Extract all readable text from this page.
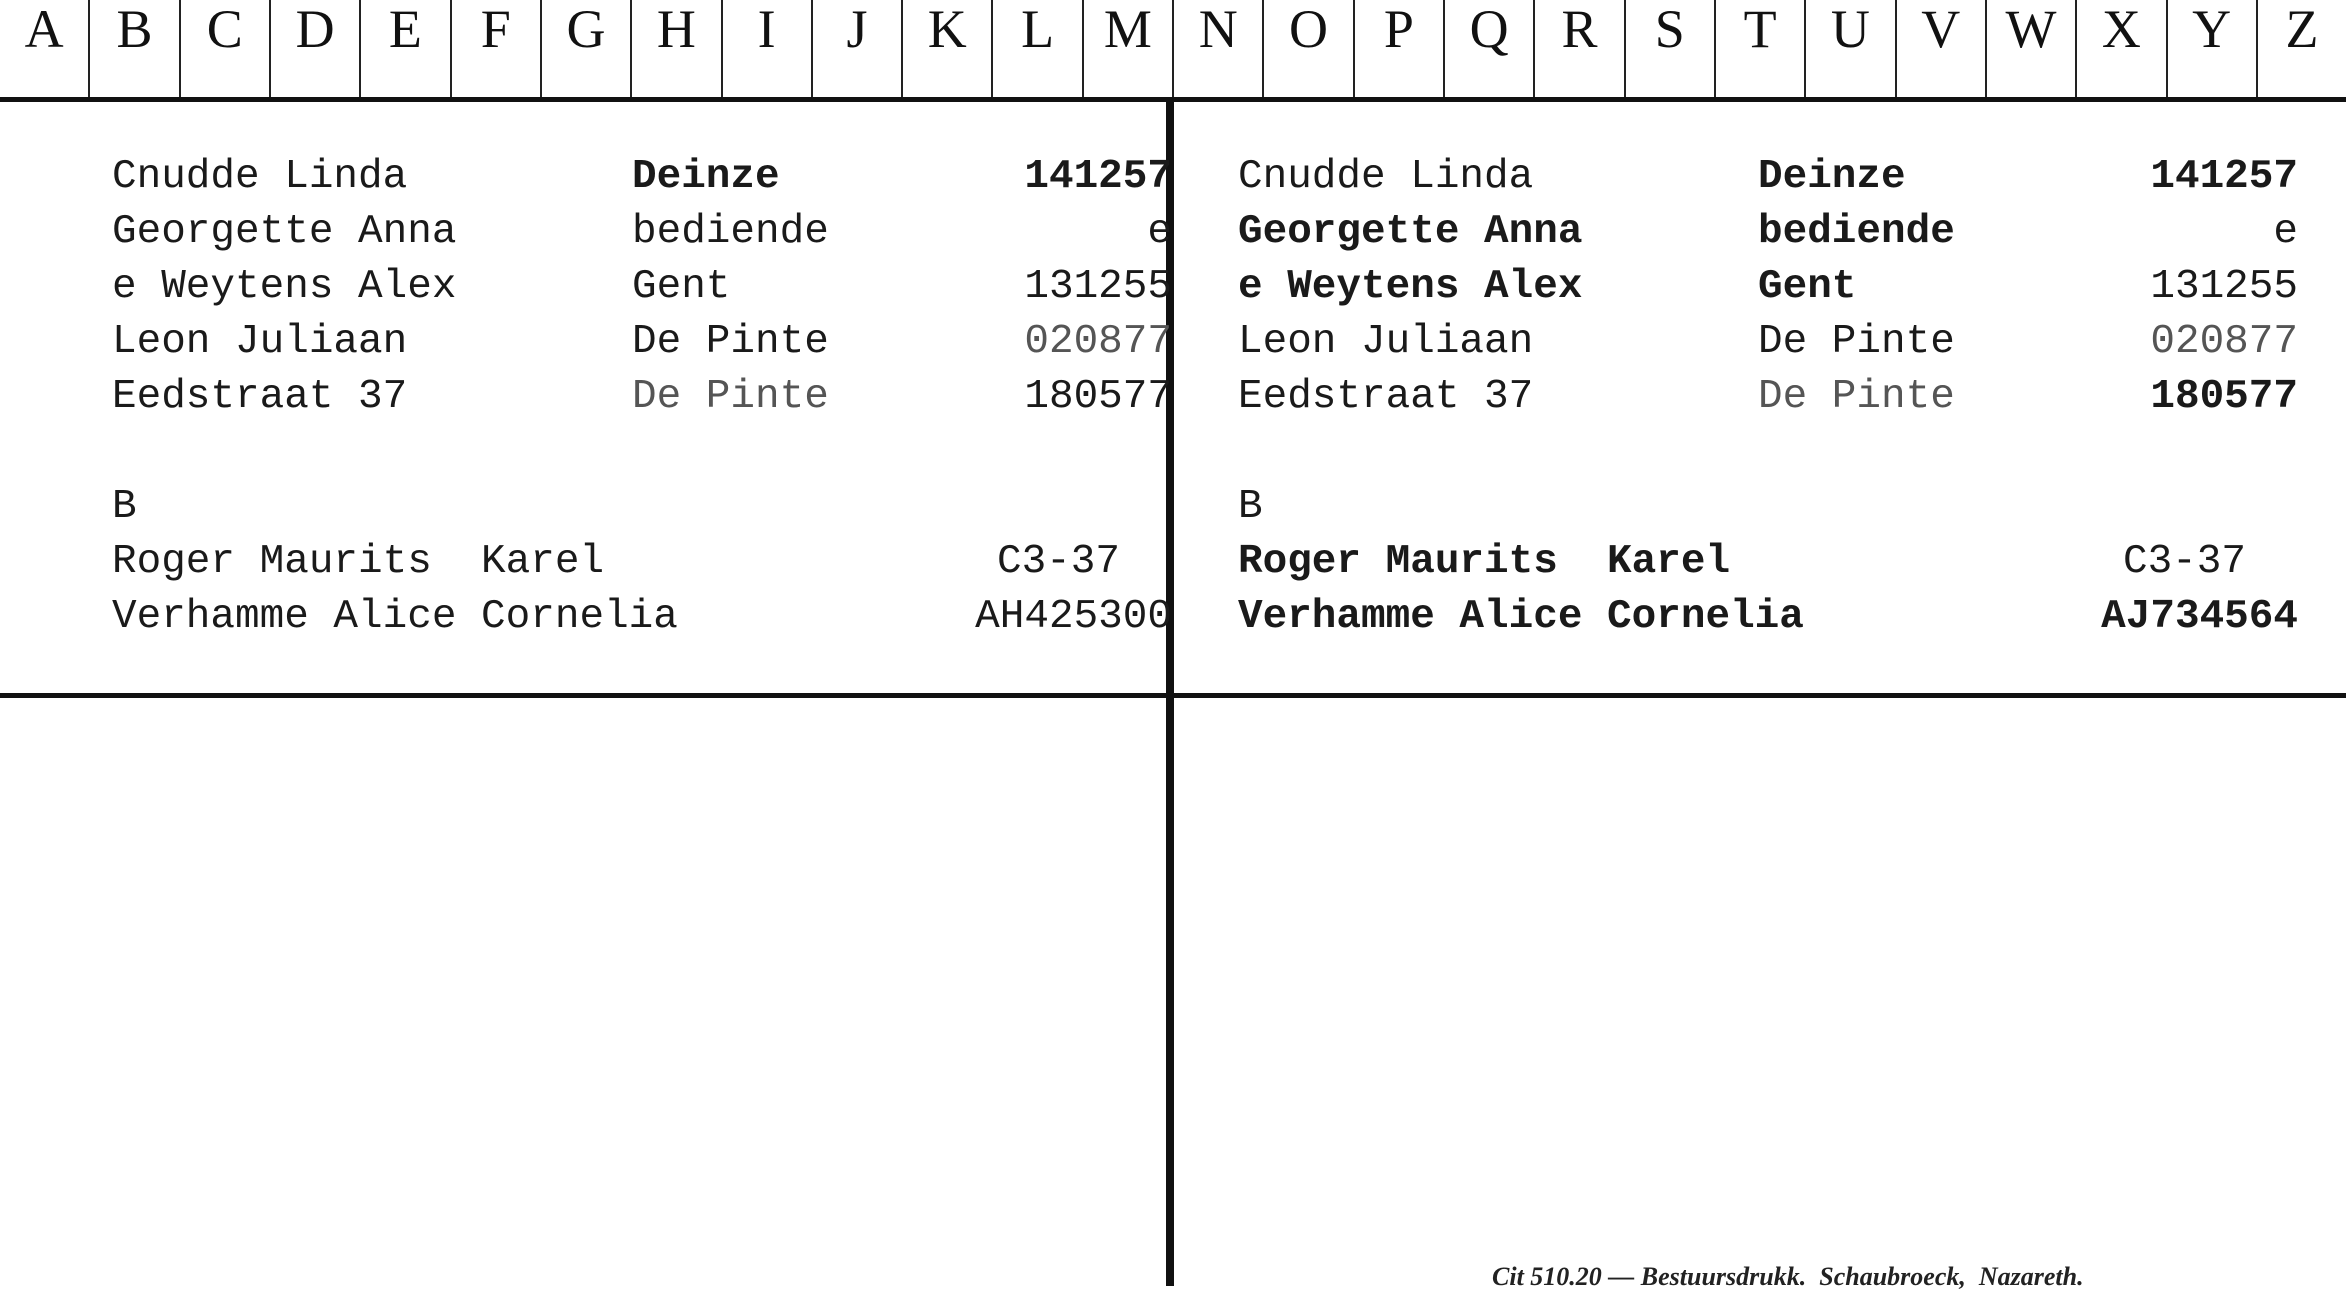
A B	C D	E	F	G H	I	J	K	L M N O	P	Q R	S	T	U V W X Y	Z
Cnudde Linda	Deinze	141257
Georgette Anna	bediende	e
e Weytens Alex	Gent	131255
Leon Juliaan	De Pinte	020877
Eedstraat 37	De Pinte	180577
B
Roger Maurits  Karel	C3-37
Verhamme Alice Cornelia	AH425300
Cnudde Linda	Deinze	141257
Georgette Anna	bediende	e
e Weytens Alex	Gent	131255
Leon Juliaan	De Pinte	020877
Eedstraat 37	De Pinte	180577
B
Roger Maurits  Karel	C3-37
Verhamme Alice Cornelia	AJ734564
Cit 510.20 — Bestuursdrukk.  Schaubroeck,  Nazareth.
